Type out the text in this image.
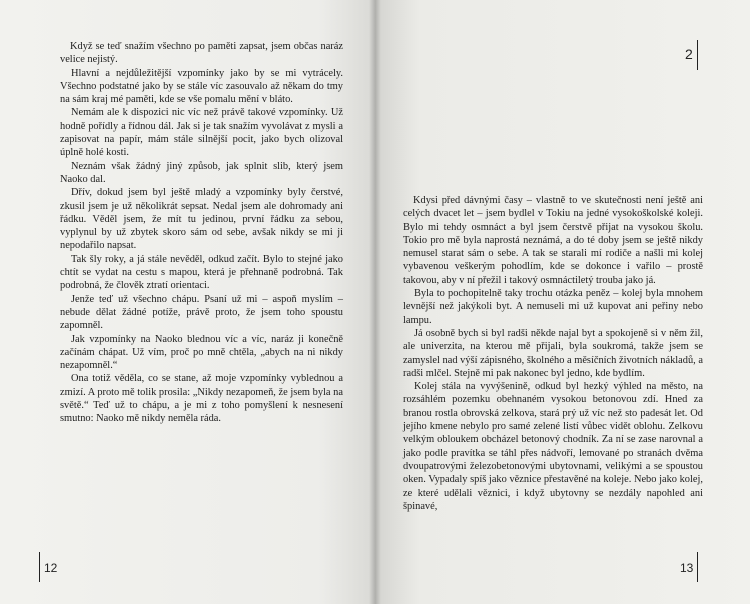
Když se teď snažím všechno po paměti zapsat, jsem občas naráz velice nejistý.

Hlavní a nejdůležitější vzpomínky jako by se mi vytrácely. Všechno podstatné jako by se stále víc zasouvalo až někam do tmy na sám kraj mé paměti, kde se vše pomalu mění v bláto.

Nemám ale k dispozici nic víc než právě takové vzpomínky. Už hodně pořídly a řídnou dál. Jak si je tak snažím vyvolávat z mysli a zapisovat na papír, mám stále silnější pocit, jako bych olizoval úplně holé kosti.

Neznám však žádný jiný způsob, jak splnit slib, který jsem Naoko dal.

Dřív, dokud jsem byl ještě mladý a vzpomínky byly čerstvé, zkusil jsem je už několikrát sepsat. Nedal jsem ale dohromady ani řádku. Věděl jsem, že mít tu jedinou, první řádku za sebou, vyplynul by už zbytek skoro sám od sebe, avšak nikdy se mi ji nepodařilo napsat.

Tak šly roky, a já stále nevěděl, odkud začít. Bylo to stejné jako chtít se vydat na cestu s mapou, která je přehnaně podrobná. Tak podrobná, že člověk ztratí orientaci.

Jenže teď už všechno chápu. Psaní už mi – aspoň myslím – nebude dělat žádné potíže, právě proto, že jsem toho spoustu zapomněl.

Jak vzpomínky na Naoko blednou víc a víc, naráz ji konečně začínám chápat. Už vím, proč po mně chtěla, „abych na ni nikdy nezapomněl.“

Ona totiž věděla, co se stane, až moje vzpomínky vyblednou a zmizí. A proto mě tolik prosila: „Nikdy nezapomeň, že jsem byla na světě.“ Teď už to chápu, a je mi z toho pomyšlení k nesnesení smutno: Naoko mě nikdy neměla ráda.

Kdysi před dávnými časy – vlastně to ve skutečnosti není ještě ani celých dvacet let – jsem bydlel v Tokiu na jedné vysokoškolské koleji. Bylo mi tehdy osmnáct a byl jsem čerstvě přijat na vysokou školu. Tokio pro mě byla naprostá neznámá, a do té doby jsem se ještě nikdy nemusel starat sám o sebe. A tak se starali mí rodiče a našli mi kolej vybavenou veškerým pohodlím, kde se dokonce i vařilo – prostě takovou, aby v ní přežil i takový osmnáctiletý trouba jako já.

Byla to pochopitelně taky trochu otázka peněz – kolej byla mnohem levnější než jakýkoli byt. A nemuseli mi už kupovat ani peřiny nebo lampu.

Já osobně bych si byl radši někde najal byt a spokojeně si v něm žil, ale univerzita, na kterou mě přijali, byla soukromá, takže jsem se zamyslel nad výší zápisného, školného a měsíčních životních nákladů, a radši mlčel. Stejně mi pak nakonec byl jedno, kde bydlím.

Kolej stála na vyvýšenině, odkud byl hezký výhled na město, na rozsáhlém pozemku obehnaném vysokou betonovou zdí. Hned za branou rostla obrovská zelkova, stará prý už víc než sto padesát let. Od jejího kmene nebylo pro samé zelené listí vůbec vidět oblohu. Zelkovu velkým obloukem obcházel betonový chodník. Za ní se zase narovnal a jako podle pravítka se táhl přes nádvoří, lemované po stranách dvěma dvoupatrovými železobetonovými ubytovnami, velikými a se spoustou oken. Vypadaly spíš jako věznice přestavěné na koleje. Nebo jako kolej, ze které udělali věznici, i když ubytovny se nezdály napohled ani špinavé,

2
12	13
